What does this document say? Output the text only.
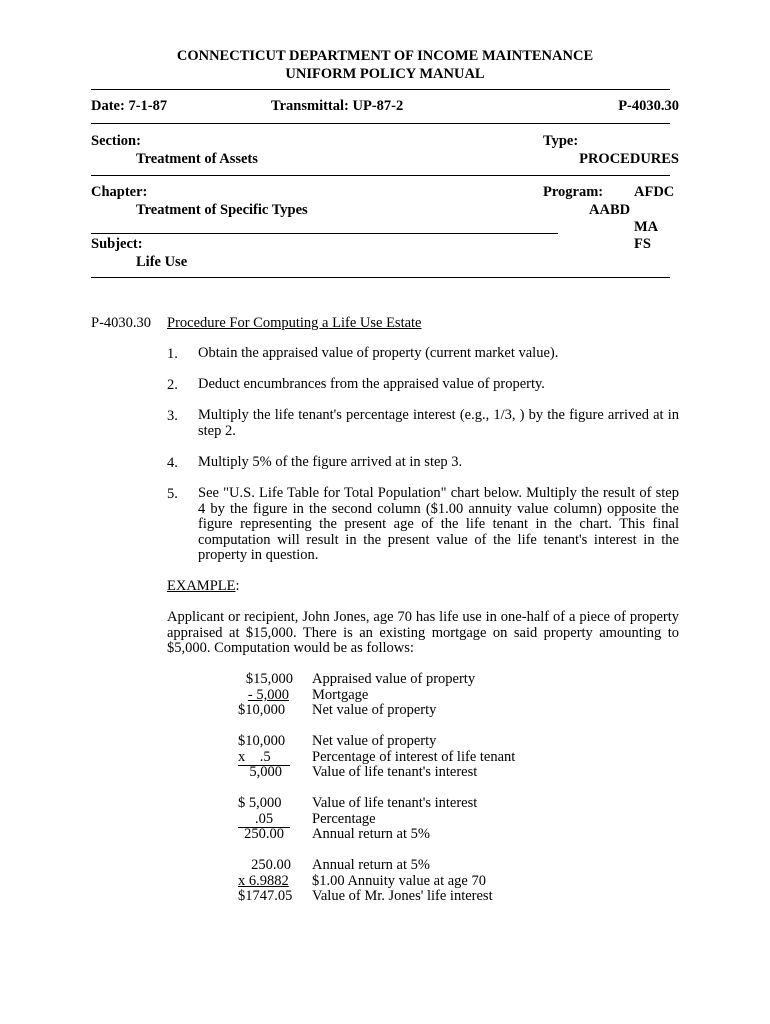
CONNECTICUT DEPARTMENT OF INCOME MAINTENANCE
UNIFORM POLICY MANUAL
Date: 7-1-87	Transmittal: UP-87-2	P-4030.30
Section:
Treatment of Assets
Type:
PROCEDURES
Chapter:
Treatment of Specific Types
Program: AFDC
AABD
MA
FS
Subject:
Life Use
P-4030.30 Procedure For Computing a Life Use Estate
1. Obtain the appraised value of property (current market value).
2. Deduct encumbrances from the appraised value of property.
3. Multiply the life tenant's percentage interest (e.g., 1/3, ) by the figure arrived at in step 2.
4. Multiply 5% of the figure arrived at in step 3.
5. See "U.S. Life Table for Total Population" chart below. Multiply the result of step 4 by the figure in the second column ($1.00 annuity value column) opposite the figure representing the present age of the life tenant in the chart. This final computation will result in the present value of the life tenant's interest in the property in question.
EXAMPLE:
Applicant or recipient, John Jones, age 70 has life use in one-half of a piece of property appraised at $15,000. There is an existing mortgage on said property amounting to $5,000. Computation would be as follows:
$15,000
- 5,000
$10,000
Appraised value of property
Mortgage
Net value of property
$10,000
x    .5
5,000
Net value of property
Percentage of interest of life tenant
Value of life tenant's interest
$ 5,000
.05
250.00
Value of life tenant's interest
Percentage
Annual return at 5%
250.00
x 6.9882
$1747.05
Annual return at 5%
$1.00 Annuity value at age 70
Value of Mr. Jones' life interest
